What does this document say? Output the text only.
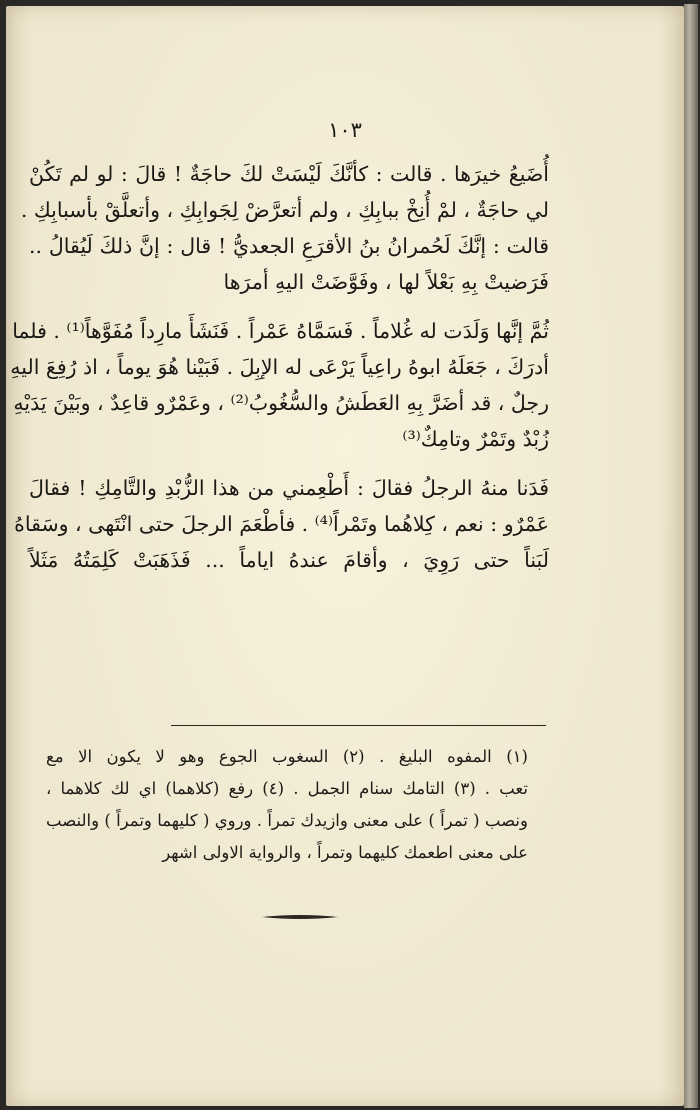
١٠٣
أُضَيعُ خيرَها . قالت : كأنَّكَ لَيْسَتْ لكَ حاجَةٌ ! قالَ : لو لم تَكُنْ
لي حاجَةٌ ، لمْ أُنِخْ ببابِكِ ، ولم أتعرَّضْ لِجَوابِكِ ، وأتعلَّقْ بأسبابِكِ .
قالت : إنَّكَ لَحُمرانُ بنُ الأقرَعِ الجعديُّ ! قال : إنَّ ذلكَ لَيُقالُ ..
فَرَضيتْ بِهِ بَعْلاً لها ، وفَوَّضَتْ اليهِ أمرَها
ثُمَّ إنَّها وَلَدَت له غُلاماً . فَسَمَّاهُ عَمْراً . فَنَشَأَ مارِداً مُفَوَّهاً⁽¹⁾ . فلما
أدرَكَ ، جَعَلَهُ ابوهُ راعِياً يَرْعَى له الإبِلَ . فَبَيْنا هُوَ يوماً ، اذ رُفِعَ اليهِ
رجلٌ ، قد أضَرَّ بِهِ العَطَشُ والسُّغُوبُ⁽²⁾ ، وعَمْرٌو قاعِدٌ ، وبَيْنَ يَدَيْهِ
زُبْدٌ وتَمْرٌ وتامِكٌ⁽³⁾
فَدَنا منهُ الرجلُ فقالَ : أَطْعِمني من هذا الزُّبْدِ والتَّامِكِ ! فقالَ
عَمْرٌو : نعم ، كِلاهُما وتَمْراً⁽⁴⁾ . فأطْعَمَ الرجلَ حتى انْتَهى ، وسَقاهُ
لَبَناً حتى رَوِيَ ، وأقامَ عندهُ اياماً ... فَذَهَبَتْ كَلِمَتُهُ مَثَلاً
(١) المفوه البليغ . (٢) السغوب الجوع وهو لا يكون الا مع
تعب . (٣) التامك سنام الجمل . (٤) رفع (كلاهما) اي لك كلاهما ،
ونصب ( تمراً ) على معنى وازيدك تمراً . وروي ( كليهما وتمراً ) والنصب
على معنى اطعمك كليهما وتمراً ، والرواية الاولى اشهر
